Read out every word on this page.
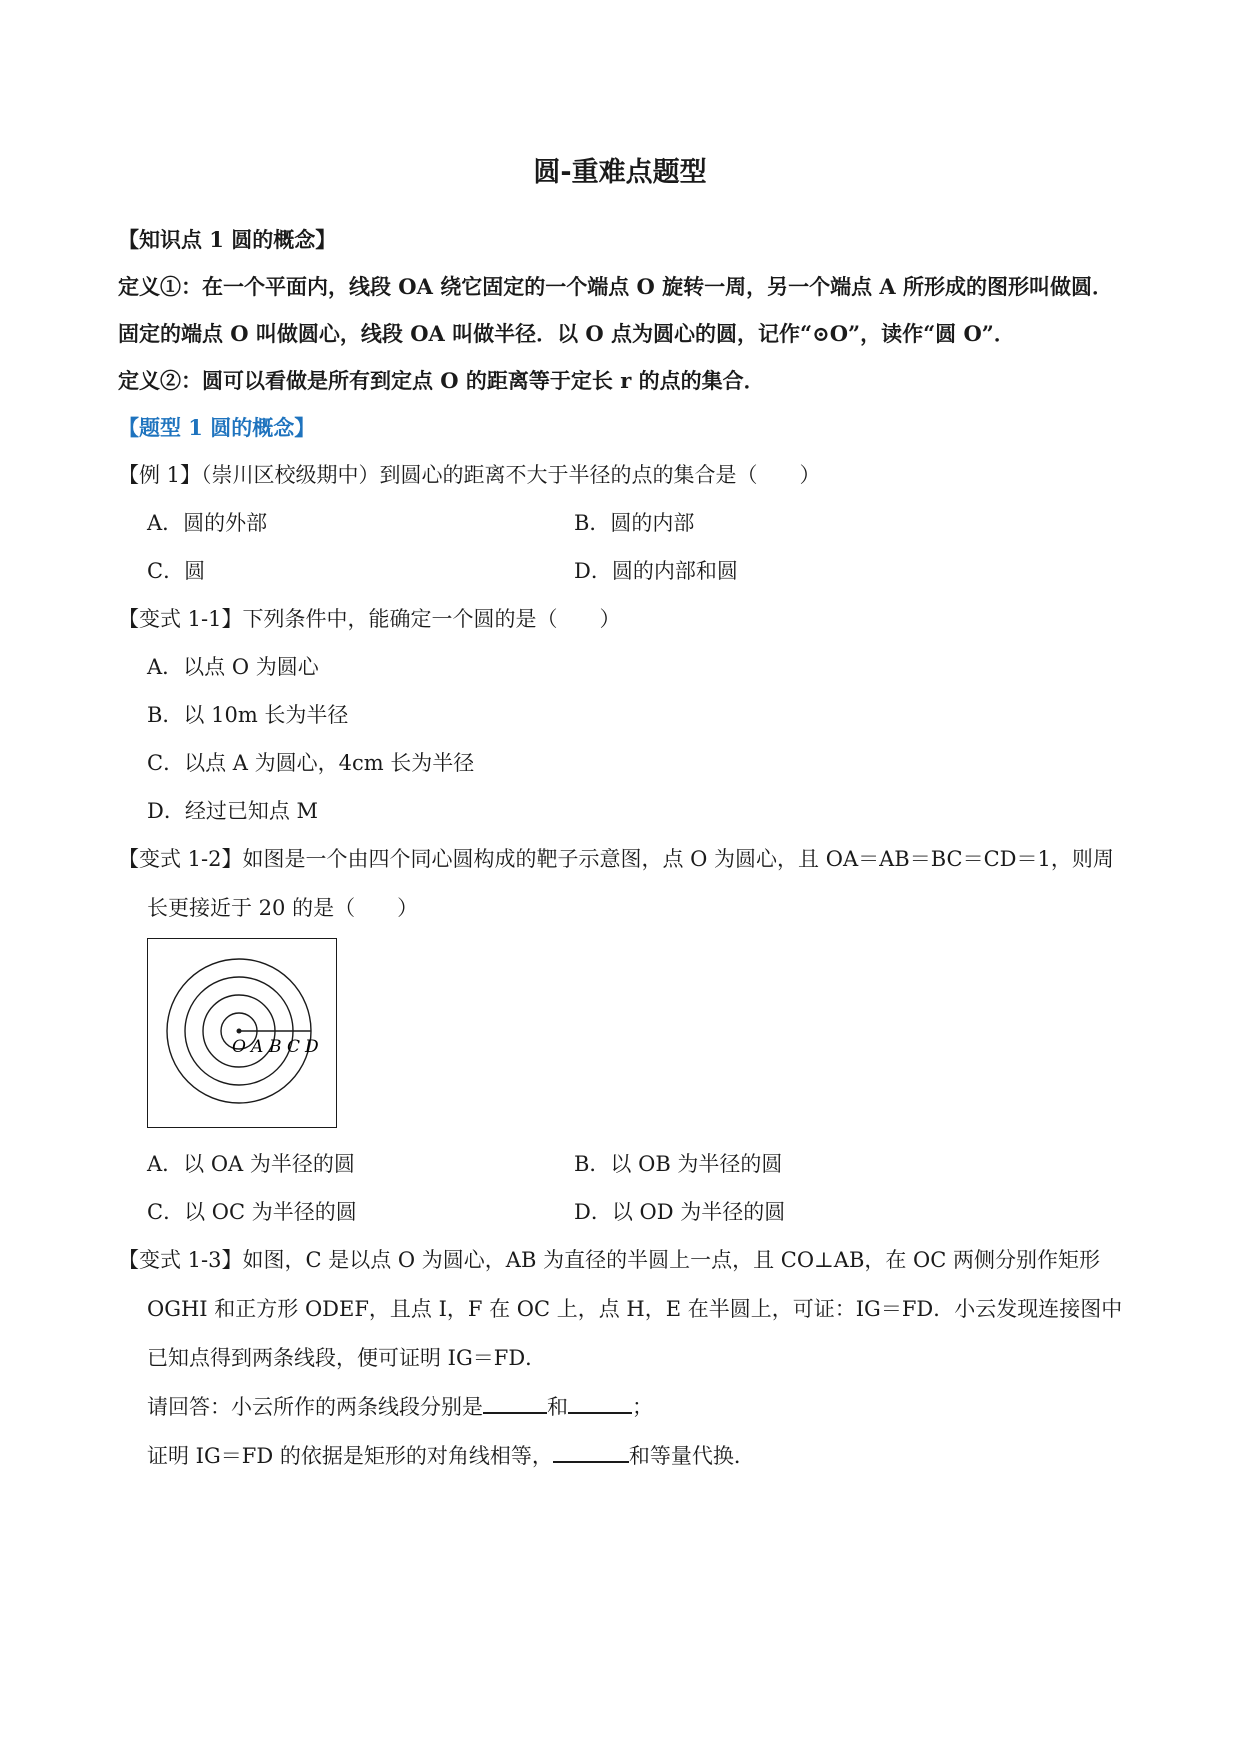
圆-重难点题型
【知识点 1 圆的概念】
定义①：在一个平面内，线段 OA 绕它固定的一个端点 O 旋转一周，另一个端点 A 所形成的图形叫做圆．
固定的端点 O 叫做圆心，线段 OA 叫做半径．以 O 点为圆心的圆，记作“⊙O”，读作“圆 O”．
定义②：圆可以看做是所有到定点 O 的距离等于定长 r 的点的集合．
【题型 1 圆的概念】
【例 1】（崇川区校级期中）到圆心的距离不大于半径的点的集合是（　　）
A．圆的外部	B．圆的内部
C．圆	D．圆的内部和圆
【变式 1-1】下列条件中，能确定一个圆的是（　　）
A．以点 O 为圆心
B．以 10m 长为半径
C．以点 A 为圆心，4cm 长为半径
D．经过已知点 M
【变式 1-2】如图是一个由四个同心圆构成的靶子示意图，点 O 为圆心，且 OA＝AB＝BC＝CD＝1，则周
长更接近于 20 的是（　　）
O A B C D
A．以 OA 为半径的圆	B．以 OB 为半径的圆
C．以 OC 为半径的圆	D．以 OD 为半径的圆
【变式 1-3】如图，C 是以点 O 为圆心，AB 为直径的半圆上一点，且 CO⊥AB，在 OC 两侧分别作矩形
OGHI 和正方形 ODEF，且点 I，F 在 OC 上，点 H，E 在半圆上，可证：IG＝FD．小云发现连接图中
已知点得到两条线段，便可证明 IG＝FD．
请回答：小云所作的两条线段分别是	和	；
证明 IG＝FD 的依据是矩形的对角线相等，	和等量代换．
